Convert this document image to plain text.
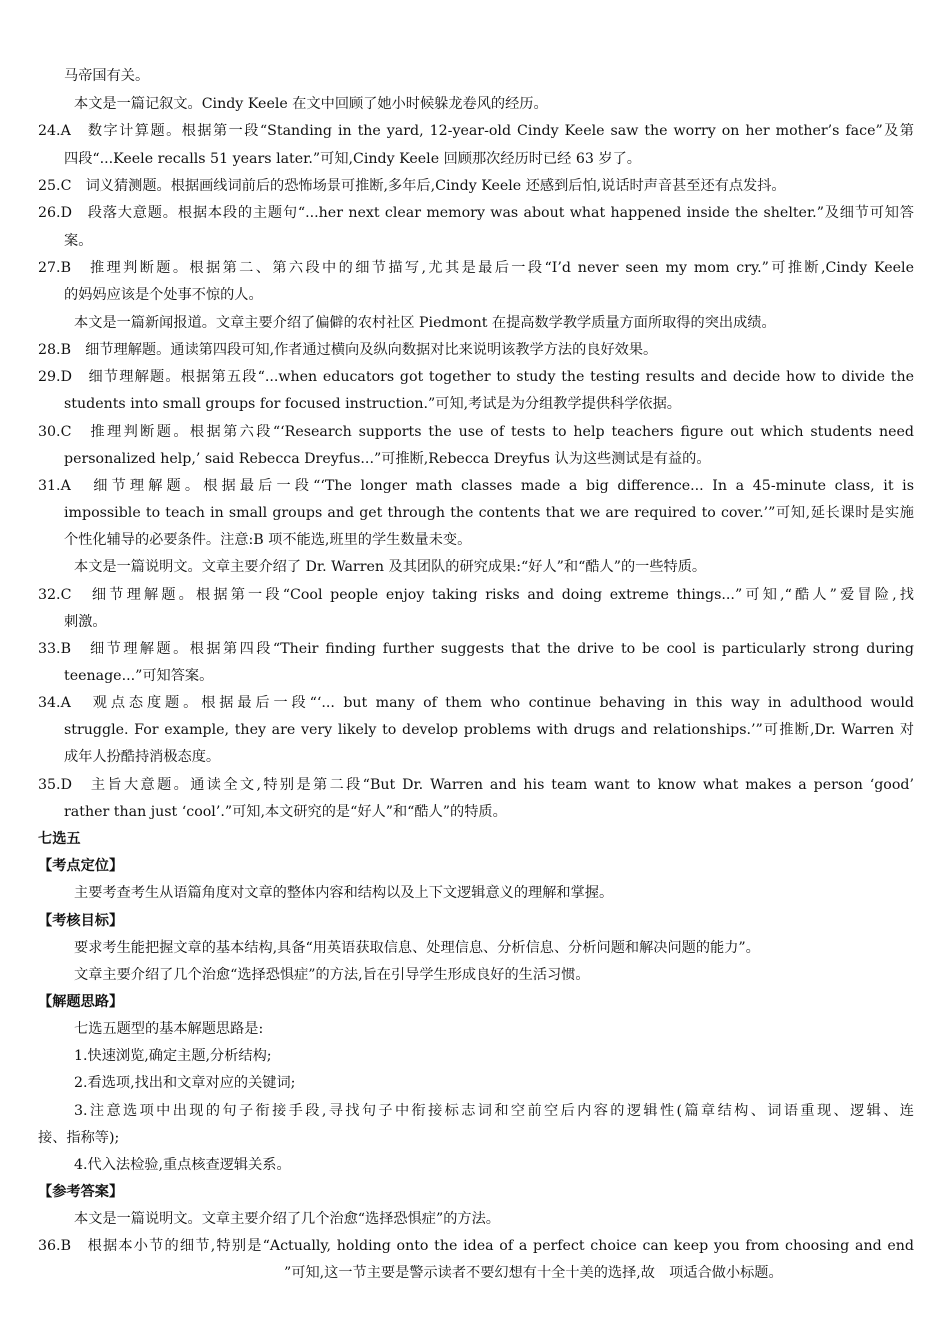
马帝国有关。
本文是一篇记叙文。Cindy Keele 在文中回顾了她小时候躲龙卷风的经历。
24.A　数字计算题。根据第一段“Standing in the yard, 12-year-old Cindy Keele saw the worry on her mother’s face”及第
四段“...Keele recalls 51 years later.”可知,Cindy Keele 回顾那次经历时已经 63 岁了。
25.C　词义猜测题。根据画线词前后的恐怖场景可推断,多年后,Cindy Keele 还感到后怕,说话时声音甚至还有点发抖。
26.D　段落大意题。根据本段的主题句“...her next clear memory was about what happened inside the shelter.”及细节可知答
案。
27.B　推理判断题。根据第二、第六段中的细节描写,尤其是最后一段“I’d never seen my mom cry.”可推断,Cindy Keele
的妈妈应该是个处事不惊的人。
本文是一篇新闻报道。文章主要介绍了偏僻的农村社区 Piedmont 在提高数学教学质量方面所取得的突出成绩。
28.B　细节理解题。通读第四段可知,作者通过横向及纵向数据对比来说明该教学方法的良好效果。
29.D　细节理解题。根据第五段“...when educators got together to study the testing results and decide how to divide the
students into small groups for focused instruction.”可知,考试是为分组教学提供科学依据。
30.C　推理判断题。根据第六段“‘Research supports the use of tests to help teachers figure out which students need
personalized help,’ said Rebecca Dreyfus...”可推断,Rebecca Dreyfus 认为这些测试是有益的。
31.A　细节理解题。根据最后一段“‘The longer math classes made a big difference... In a 45-minute class, it is
impossible to teach in small groups and get through the contents that we are required to cover.’”可知,延长课时是实施
个性化辅导的必要条件。注意:B 项不能选,班里的学生数量未变。
本文是一篇说明文。文章主要介绍了 Dr. Warren 及其团队的研究成果:“好人”和“酷人”的一些特质。
32.C　细节理解题。根据第一段“Cool people enjoy taking risks and doing extreme things...”可知,“酷人”爱冒险,找
刺激。
33.B　细节理解题。根据第四段“Their finding further suggests that the drive to be cool is particularly strong during
teenage...”可知答案。
34.A　观点态度题。根据最后一段“‘... but many of them who continue behaving in this way in adulthood would
struggle. For example, they are very likely to develop problems with drugs and relationships.’”可推断,Dr. Warren 对
成年人扮酷持消极态度。
35.D　主旨大意题。通读全文,特别是第二段“But Dr. Warren and his team want to know what makes a person ‘good’
rather than just ‘cool’.”可知,本文研究的是“好人”和“酷人”的特质。
七选五
【考点定位】
主要考查考生从语篇角度对文章的整体内容和结构以及上下文逻辑意义的理解和掌握。
【考核目标】
要求考生能把握文章的基本结构,具备“用英语获取信息、处理信息、分析信息、分析问题和解决问题的能力”。
文章主要介绍了几个治愈“选择恐惧症”的方法,旨在引导学生形成良好的生活习惯。
【解题思路】
七选五题型的基本解题思路是:
1.快速浏览,确定主题,分析结构;
2.看选项,找出和文章对应的关键词;
3.注意选项中出现的句子衔接手段,寻找句子中衔接标志词和空前空后内容的逻辑性(篇章结构、词语重现、逻辑、连
接、指称等);
4.代入法检验,重点核查逻辑关系。
【参考答案】
本文是一篇说明文。文章主要介绍了几个治愈“选择恐惧症”的方法。
36.B　根据本小节的细节,特别是“Actually, holding onto the idea of a perfect choice can keep you from choosing and end
”可知,这一节主要是警示读者不要幻想有十全十美的选择,故　项适合做小标题。
